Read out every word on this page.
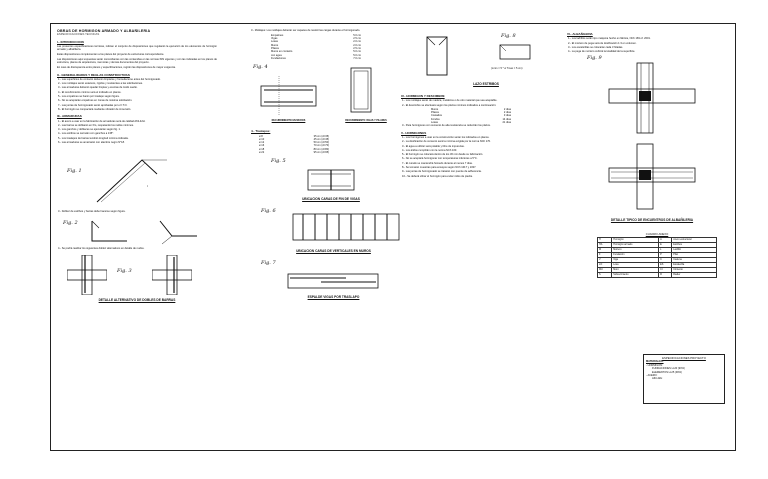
OBRAS DE HORMIGON ARMADO Y ALBAÑILERIA
ESPECIFICACIONES TECNICAS
I.- INTRODUCCION

Las presentes especificaciones técnicas, indican el conjunto de disposiciones que regularán la ejecución de los elementos de hormigón armado y albañilería.

Estas disposiciones complementan a los planos del proyecto de estructuras correspondiente.

Las disposiciones aquí expuestas serán concordantes con las contenidas en las normas INN vigentes y con las indicadas en los planos de estructura, planos de arquitectura, memorias y demás documentos del proyecto.

En caso de discrepancia entre planos y especificaciones, regirán las disposiciones de mayor exigencia.

II.- GENERALIDADES Y REGLAS CONSTRUCTIVAS
1.- Las superficies de contacto deberán limpiarse y humedecerse antes del hormigonado.
2.- Los moldajes serán estancos, rígidos y resistentes a las solicitaciones.
3.- Las armaduras deberán quedar limpias y exentas de óxido suelto.
4.- El recubrimiento mínimo será el indicado en planos.
5.- Los empalmes se harán por traslapo según figura.
6.- No se aceptarán empalmes en zonas de máxima solicitación.
7.- Las juntas de hormigonado serán aprobadas por el I.T.O.
8.- El hormigón se compactará mediante vibrador de inmersión.
III.- ARMADURAS
1.- El acero a usar en la fabricación de armaduras será de calidad A63-42H.
2.- Las barras se doblarán en frío, respetando los radios mínimos.
3.- Los ganchos y dobleces se ejecutarán según fig. 1.
4.- Los estribos se cerrarán con ganchos a 135°.
5.- Los traslapos de barras tendrán longitud mínima indicada.
6.- Las armaduras se amarrarán con alambre negro N°18.
Fig. 1
r
3.- Doblez de estribos y barras debe hacerse según figura.
Fig. 2
4.- Se podrá realizar los siguientes doblez alternativos en detalle de nudos.
Fig. 3
DETALLE ALTERNATIVO DE DOBLES DE BARRAS

3.- Moldajes: Los moldajes deberán ser capaces de resistir las cargas durante el hormigonado.

Empalmes	5.0 cm
Vigas	2.5 cm
Losas	2.0 cm
Muros	2.0 cm
Pilares	2.5 cm
Muros en contacto	5.0 cm
con agua	5.0 cm
Fundaciones	7.0 cm
Fig. 4
RECUBRIMIENTO EN MUROS	RECUBRIMIENTO VIGAS Y PILARES
4.- Traslapos:
ø 8	35 cm (d=35)
ø 10	45 cm (d=45)
ø 12	50 cm (d=50)
ø 16	70 cm (d=70)
ø 18	80 cm (d=80)
ø 22	95 cm (d=95)
Fig. 5
UBICACION CARAS DE FIN DE VIGAS
Fig. 6
UBICACION CARAS DE VERTICALES EN MUROS
Fig. 7
ESPALDE VIGAS POR TRASLAPO
Fig. 8
(Lmin = 5 * ø Tmax = 5 cm)
LAZO ESTRIBOS
IV.- HORMIGON Y DESCIMBRE
1.- Los moldajes serán de madera, metálicos o de otro material que sea aceptable.
2.- El descimbre se efectuará según los plazos mínimos indicados a continuación:
Muros	2 días
Pilares	2 días
Costados	3 días
Fondos	14 días
Losas	21 días
3.- Para hormigones con cemento de alta resistencia se reducirán los plazos.
V.- HORMIGONES
1.- Los hormigones a usar en la construcción serán los indicados en planos.
2.- La dosificación de cemento será la mínima exigida por la norma NCh 170.
3.- El agua a utilizar será potable y libre de impurezas.
4.- Los áridos cumplirán con la norma NCh 163.
5.- El hormigón se colocará dentro de los 30 min desde su fabricación.
6.- No se aceptará hormigonar con temperaturas inferiores a 5°C.
7.- El curado se mantendrá húmedo durante al menos 7 días.
8.- Se tomarán muestras para ensayos según NCh 1017 y 1037.
9.- Las juntas de hormigonado se tratarán con puente de adherencia.
10.- Se deberá vibrar el hormigón para evitar nidos de piedra.
VI.- ALBAÑILERIA
1.- Los ladrillos serán tipo máquina hecho en fábrica, NCh 169 of. 2001.
2.- El mortero de pega será de dosificación 1:3 en volumen.
3.- Los escalerillas se colocarán cada 3 hiladas.
4.- La pega de mortero cubrirá la totalidad de la superficie.
Fig. 9
DETALLE TIPICO DE ENCUENTROS DE ALBAÑILERIA
CUADRO ANEXO
H	Hormigón	A	Acero estructural
HA	Hormigón armado	E	Estribos
M	Mortero	L	Ladrillo
F	Fundación	P	Pilar
V	Viga	C	Cadena
LO	Losa	ES	Escalerilla
MU	Muro	CI	Cimiento
S	Sobrecimiento	R	Radier
ESPECIFICACIONES PROYECTO
MATERIALES:
- HORMIGON:
FUNDACIONES H-20 (90%)
ELEMENTOS H-25 (90%)
- ACERO:
A63-42H
